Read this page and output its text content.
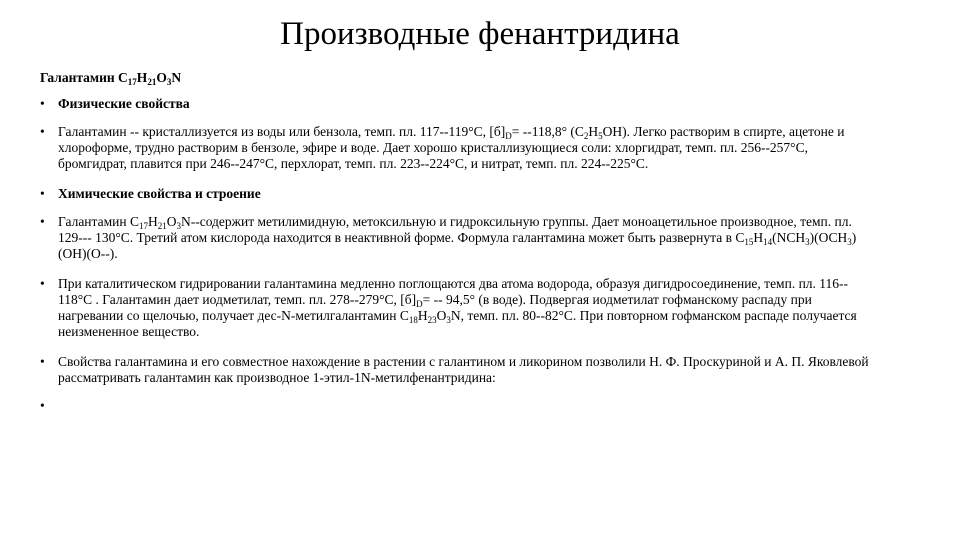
Производные фенантридина
Галантамин $С_{17}Н_{21}О_3N$
• Физические свойства
• Галантамин -- кристаллизуется из воды или бензола, темп. пл. 117--119°С, $[б]_D= --118,8^\circ$ $(С_2Н_5ОН)$. Легко растворим в спирте, ацетоне и хлороформе, трудно растворим в бензоле, эфире и воде. Дает хорошо кристаллизующиеся соли: хлоргидрат, темп. пл. 256--257°С, бромгидрат, плавится при 246--247°С, перхлорат, темп. пл. 223--224°С, и нитрат, темп. пл. 224--225°С.
• Химические свойства и строение
• Галантамин $С_{17}Н_{21}O_3N-$-содержит метилимидную, метоксильную и гидроксильную группы. Дает моноацетильное производное, темп. пл. 129--- 130°С. Третий атом кислорода находится в неактивной форме. Формула галантамина может быть развернута в $С_{15}Н_{14}(NСН_3)(ОСН_3)(ОН)(О--)$.
• При каталитическом гидрировании галантамина медленно поглощаются два атома водорода, образуя дигидросоединение, темп. пл. 116-- 118°С . Галантамин дает иодметилат, темп. пл. 278--279°С, $[б]_D= -- 94,5^\circ$ (в воде). Подвергая иодметилат гофманскому распаду при нагревании со щелочью, получает дес-N-метилгалантамин $С_{18}Н_{23}O_3N$, темп. пл. 80--82°С. При повторном гофманском распаде получается неизмененное вещество.
• Свойства галантамина и его совместное нахождение в растении с галантином и ликорином позволили Н. Ф. Проскуриной и А. П. Яковлевой рассматривать галантамин как производное 1-этил-1N-метилфенантридина:
•
